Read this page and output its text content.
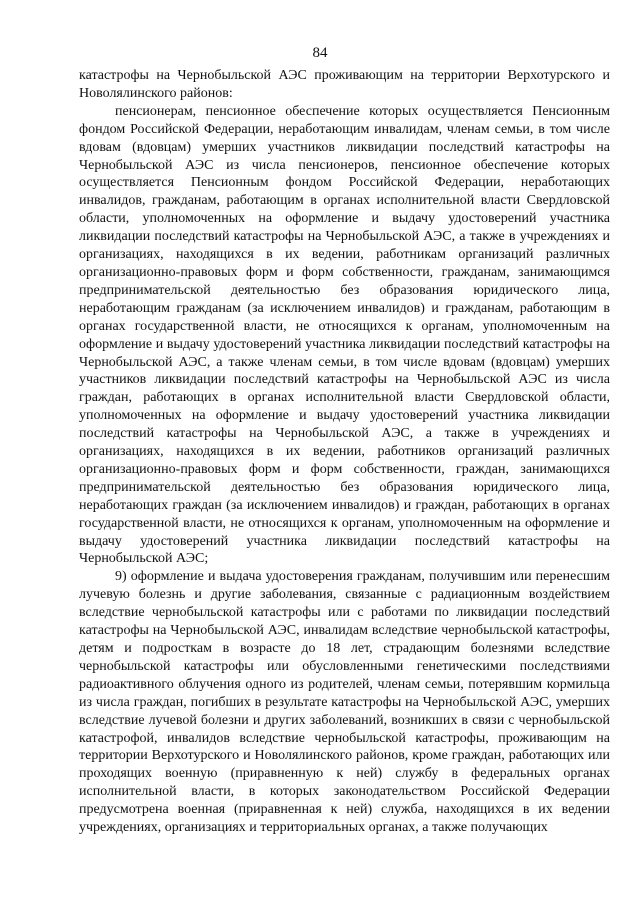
84

катастрофы на Чернобыльской АЭС проживающим на территории Верхотурского и Новолялинского районов:

пенсионерам, пенсионное обеспечение которых осуществляется Пенсионным фондом Российской Федерации, неработающим инвалидам, членам семьи, в том числе вдовам (вдовцам) умерших участников ликвидации последствий катастрофы на Чернобыльской АЭС из числа пенсионеров, пенсионное обеспечение которых осуществляется Пенсионным фондом Российской Федерации, неработающих инвалидов, гражданам, работающим в органах исполнительной власти Свердловской области, уполномоченных на оформление и выдачу удостоверений участника ликвидации последствий катастрофы на Чернобыльской АЭС, а также в учреждениях и организациях, находящихся в их ведении, работникам организаций различных организационно-правовых форм и форм собственности, гражданам, занимающимся предпринимательской деятельностью без образования юридического лица, неработающим гражданам (за исключением инвалидов) и гражданам, работающим в органах государственной власти, не относящихся к органам, уполномоченным на оформление и выдачу удостоверений участника ликвидации последствий катастрофы на Чернобыльской АЭС, а также членам семьи, в том числе вдовам (вдовцам) умерших участников ликвидации последствий катастрофы на Чернобыльской АЭС из числа граждан, работающих в органах исполнительной власти Свердловской области, уполномоченных на оформление и выдачу удостоверений участника ликвидации последствий катастрофы на Чернобыльской АЭС, а также в учреждениях и организациях, находящихся в их ведении, работников организаций различных организационно-правовых форм и форм собственности, граждан, занимающихся предпринимательской деятельностью без образования юридического лица, неработающих граждан (за исключением инвалидов) и граждан, работающих в органах государственной власти, не относящихся к органам, уполномоченным на оформление и выдачу удостоверений участника ликвидации последствий катастрофы на Чернобыльской АЭС;

9) оформление и выдача удостоверения гражданам, получившим или перенесшим лучевую болезнь и другие заболевания, связанные с радиационным воздействием вследствие чернобыльской катастрофы или с работами по ликвидации последствий катастрофы на Чернобыльской АЭС, инвалидам вследствие чернобыльской катастрофы, детям и подросткам в возрасте до 18 лет, страдающим болезнями вследствие чернобыльской катастрофы или обусловленными генетическими последствиями радиоактивного облучения одного из родителей, членам семьи, потерявшим кормильца из числа граждан, погибших в результате катастрофы на Чернобыльской АЭС, умерших вследствие лучевой болезни и других заболеваний, возникших в связи с чернобыльской катастрофой, инвалидов вследствие чернобыльской катастрофы, проживающим на территории Верхотурского и Новолялинского районов, кроме граждан, работающих или проходящих военную (приравненную к ней) службу в федеральных органах исполнительной власти, в которых законодательством Российской Федерации предусмотрена военная (приравненная к ней) служба, находящихся в их ведении учреждениях, организациях и территориальных органах, а также получающих
